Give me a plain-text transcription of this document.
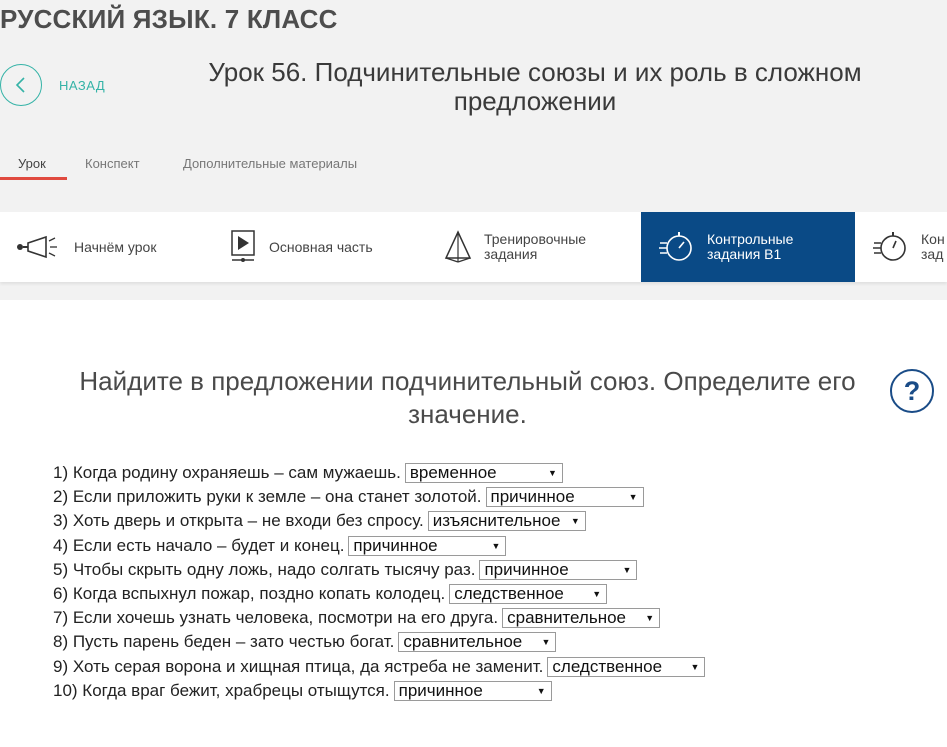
РУССКИЙ ЯЗЫК. 7 КЛАСС
НАЗАД	Урок 56. Подчинительные союзы и их роль в сложном предложении
Урок	Конспект	Дополнительные материалы
Начнём урок	Основная часть	Тренировочные
задания
Контрольные
задания B1
Кон
зад
Найдите в предложении подчинительный союз. Определите его значение.
?
1) Когда родину охраняешь – сам мужаешь. временное	▼
2) Если приложить руки к земле – она станет золотой. причинное	▼
3) Хоть дверь и открыта – не входи без спросу. изъяснительное ▼
4) Если есть начало – будет и конец. причинное	▼
5) Чтобы скрыть одну ложь, надо солгать тысячу раз. причинное	▼
6) Когда вспыхнул пожар, поздно копать колодец. следственное	▼
7) Если хочешь узнать человека, посмотри на его друга. сравнительное ▼
8) Пусть парень беден – зато честью богат. сравнительное ▼
9) Хоть серая ворона и хищная птица, да ястреба не заменит. следственное	▼
10) Когда враг бежит, храбрецы отыщутся. причинное	▼
